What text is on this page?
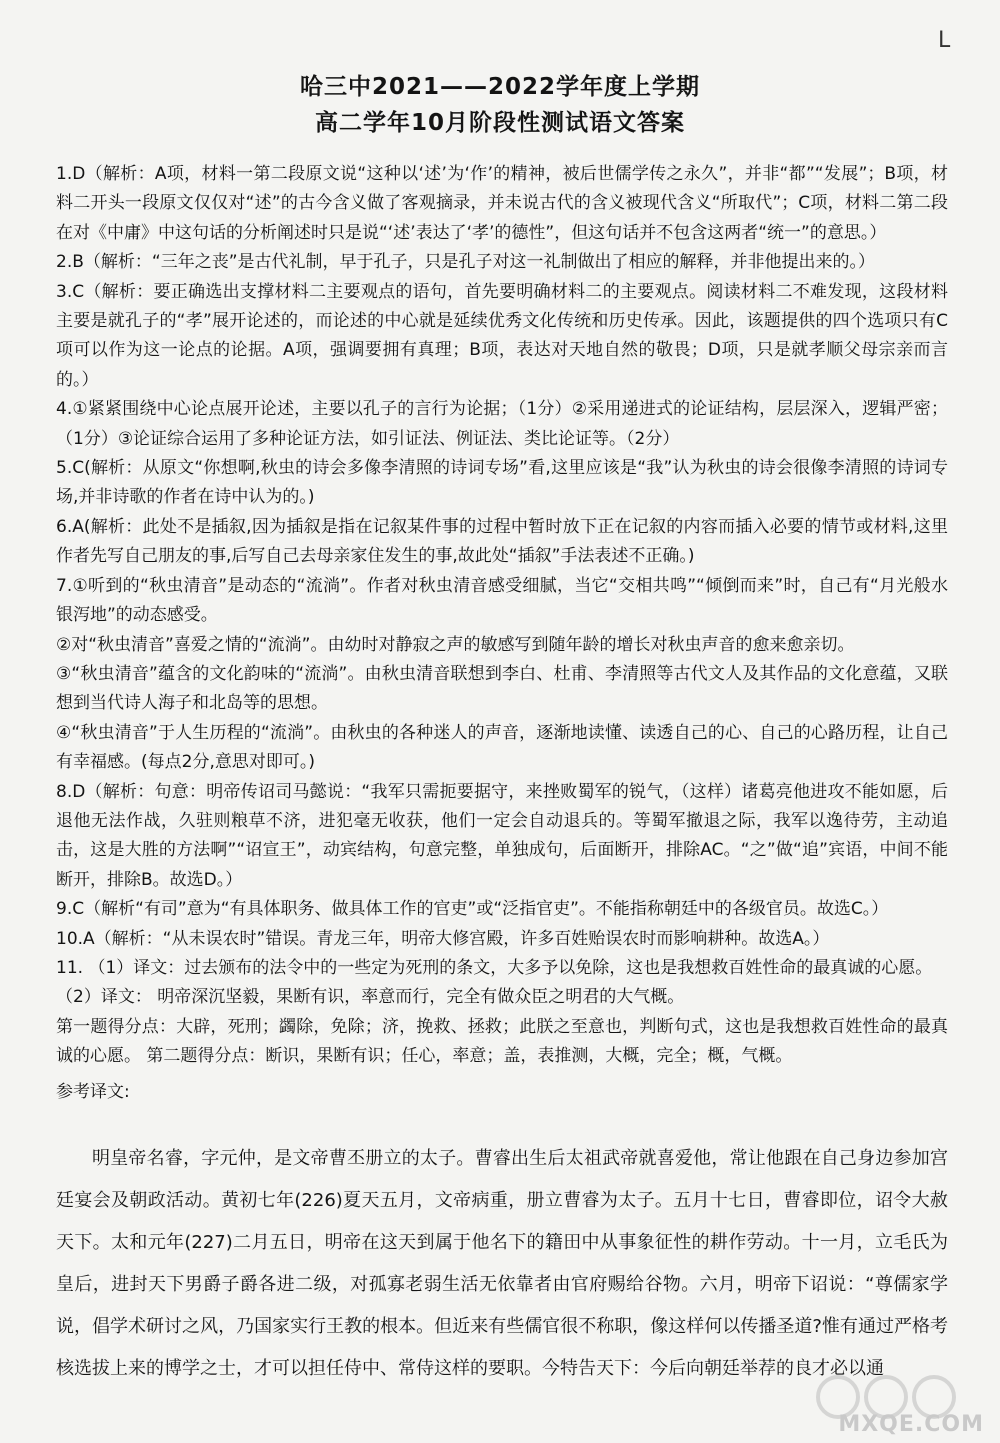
L
哈三中2021——2022学年度上学期
高二学年10月阶段性测试语文答案

1.D（解析：A项，材料一第二段原文说“这种以‘述’为‘作’的精神，被后世儒学传之永久”，并非“都”“发展”；B项，材料二开头一段原文仅仅对“述”的古今含义做了客观摘录，并未说古代的含义被现代含义“所取代”；C项，材料二第二段在对《中庸》中这句话的分析阐述时只是说“‘述’表达了‘孝’的德性”，但这句话并不包含这两者“统一”的意思。）

2.B（解析：“三年之丧”是古代礼制，早于孔子，只是孔子对这一礼制做出了相应的解释，并非他提出来的。）

3.C（解析：要正确选出支撑材料二主要观点的语句，首先要明确材料二的主要观点。阅读材料二不难发现，这段材料主要是就孔子的“孝”展开论述的，而论述的中心就是延续优秀文化传统和历史传承。因此，该题提供的四个选项只有C项可以作为这一论点的论据。A项，强调要拥有真理；B项，表达对天地自然的敬畏；D项，只是就孝顺父母宗亲而言的。）

4.①紧紧围绕中心论点展开论述，主要以孔子的言行为论据；（1分）②采用递进式的论证结构，层层深入，逻辑严密；（1分）③论证综合运用了多种论证方法，如引证法、例证法、类比论证等。（2分）

5.C(解析：从原文“你想啊,秋虫的诗会多像李清照的诗词专场”看,这里应该是“我”认为秋虫的诗会很像李清照的诗词专场,并非诗歌的作者在诗中认为的。)

6.A(解析：此处不是插叙,因为插叙是指在记叙某件事的过程中暂时放下正在记叙的内容而插入必要的情节或材料,这里作者先写自己朋友的事,后写自己去母亲家住发生的事,故此处“插叙”手法表述不正确。)

7.①听到的“秋虫清音”是动态的“流淌”。作者对秋虫清音感受细腻，当它“交相共鸣”“倾倒而来”时，自己有“月光般水银泻地”的动态感受。

②对“秋虫清音”喜爱之情的“流淌”。由幼时对静寂之声的敏感写到随年龄的增长对秋虫声音的愈来愈亲切。

③“秋虫清音”蕴含的文化韵味的“流淌”。由秋虫清音联想到李白、杜甫、李清照等古代文人及其作品的文化意蕴，又联想到当代诗人海子和北岛等的思想。

④“秋虫清音”于人生历程的“流淌”。由秋虫的各种迷人的声音，逐渐地读懂、读透自己的心、自己的心路历程，让自己有幸福感。(每点2分,意思对即可。)

8.D（解析：句意：明帝传诏司马懿说：“我军只需扼要据守，来挫败蜀军的锐气，（这样）诸葛亮他进攻不能如愿，后退他无法作战，久驻则粮草不济，进犯毫无收获，他们一定会自动退兵的。等蜀军撤退之际，我军以逸待劳，主动追击，这是大胜的方法啊”“诏宣王”，动宾结构，句意完整，单独成句，后面断开，排除AC。“之”做“追”宾语，中间不能断开，排除B。故选D。）

9.C（解析“有司”意为“有具体职务、做具体工作的官吏”或“泛指官吏”。不能指称朝廷中的各级官员。故选C。）

10.A（解析：“从未误农时”错误。青龙三年，明帝大修宫殿，许多百姓贻误农时而影响耕种。故选A。）

11. （1）译文：过去颁布的法令中的一些定为死刑的条文，大多予以免除，这也是我想救百姓性命的最真诚的心愿。

（2）译文： 明帝深沉坚毅，果断有识，率意而行，完全有做众臣之明君的大气概。

第一题得分点：大辟，死刑；蠲除，免除；济，挽救、拯救；此朕之至意也，判断句式，这也是我想救百姓性命的最真诚的心愿。 第二题得分点：断识，果断有识；任心，率意；盖，表推测，大概，完全；概，气概。

参考译文:

明皇帝名睿，字元仲，是文帝曹丕册立的太子。曹睿出生后太祖武帝就喜爱他，常让他跟在自己身边参加宫廷宴会及朝政活动。黄初七年(226)夏天五月，文帝病重，册立曹睿为太子。五月十七日，曹睿即位，诏令大赦天下。太和元年(227)二月五日，明帝在这天到属于他名下的籍田中从事象征性的耕作劳动。十一月，立毛氏为皇后，进封天下男爵子爵各进二级，对孤寡老弱生活无依靠者由官府赐给谷物。六月，明帝下诏说：“尊儒家学说，倡学术研讨之风，乃国家实行王教的根本。但近来有些儒官很不称职，像这样何以传播圣道?惟有通过严格考核选拔上来的博学之士，才可以担任侍中、常侍这样的要职。今特告天下：今后向朝廷举荐的良才必以通

MXQE.COM
